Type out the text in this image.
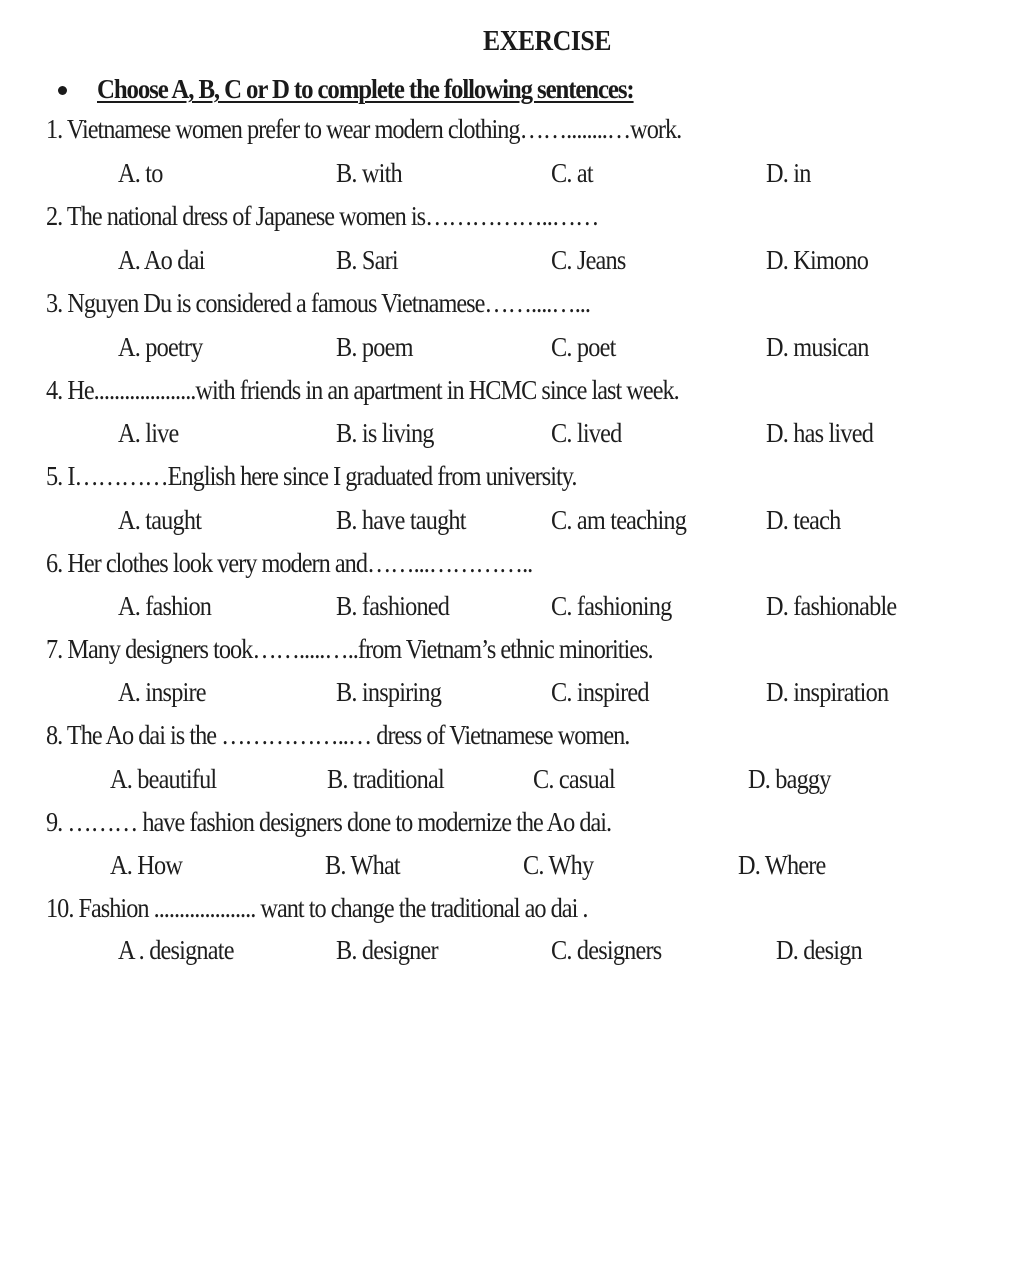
EXERCISE
Choose A, B, C or D to complete the following sentences:
1. Vietnamese women prefer to wear modern clothing……........…work.
A. to	B. with	C. at	D. in
2. The national dress of Japanese women is……………..……
A. Ao dai	B. Sari	C. Jeans	D. Kimono
3. Nguyen Du is considered a famous Vietnamese……....…...
A. poetry	B. poem	C. poet	D. musican
4. He....................with friends in an apartment in HCMC since last week.
A. live	B. is living	C. lived	D. has lived
5. I…………English here since I graduated from university.
A. taught	B. have taught	C. am teaching	D. teach
6. Her clothes look very modern and……...…………..
A. fashion	B. fashioned	C. fashioning	D. fashionable
7. Many designers took…….....…..from Vietnam’s ethnic minorities.
A. inspire	B. inspiring	C. inspired	D. inspiration
8. The Ao dai is the ……………..… dress of Vietnamese women.
A. beautiful	B. traditional	C. casual	D. baggy
9. ……… have fashion designers done to modernize the Ao dai.
A. How	B. What	C. Why	D. Where
10. Fashion .................... want to change the traditional ao dai .
A . designate	B. designer	C. designers	D. design
